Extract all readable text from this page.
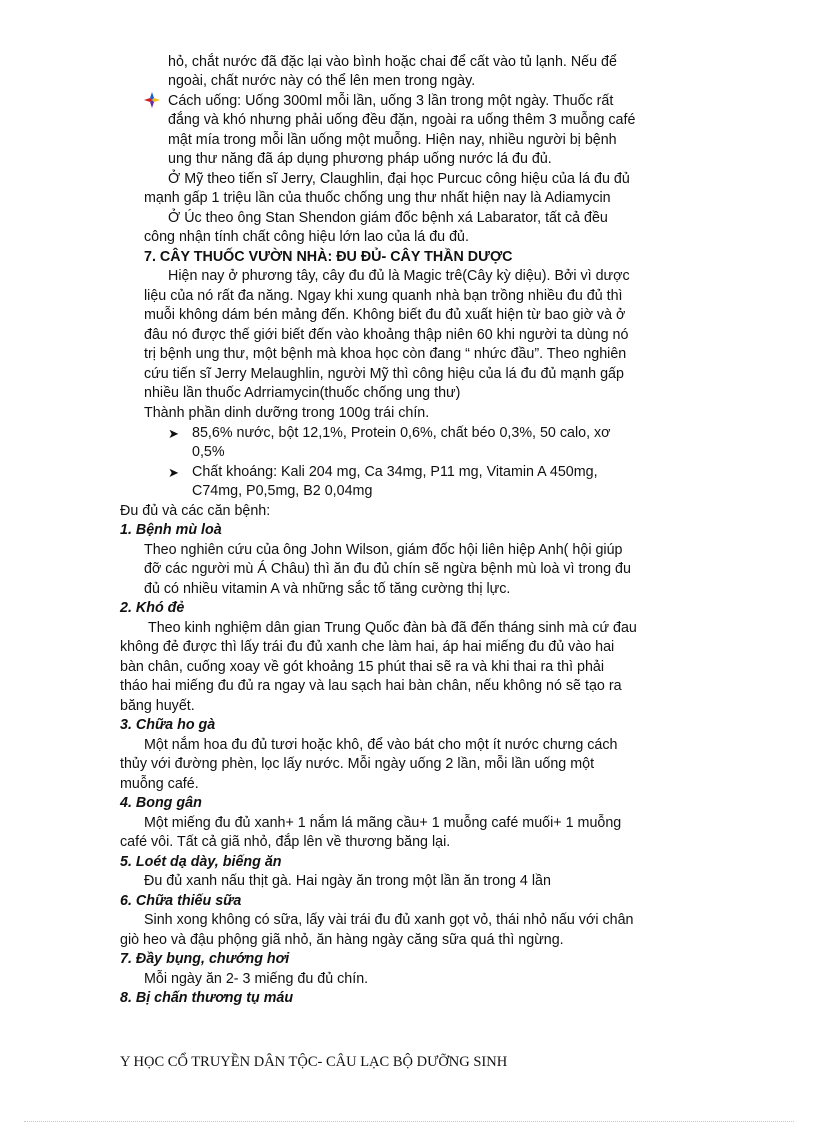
hỏ, chắt nước đã đặc lại vào bình hoặc chai để cất vào tủ lạnh. Nếu để
ngoài, chất nước này có thể lên men trong ngày.
Cách uống: Uống 300ml mỗi lần, uống 3 lần trong một ngày. Thuốc rất
đắng và khó nhưng phải uống đều đặn, ngoài ra uống thêm 3 muỗng café
mật mía trong mỗi lần uống một muỗng. Hiện nay, nhiều người bị bệnh
ung thư năng đã áp dụng phương pháp uống nước lá đu đủ.
Ở Mỹ theo tiến sĩ Jerry, Claughlin, đại học Purcuc công hiệu của lá đu đủ
mạnh gấp 1 triệu lần của thuốc chống ung thư nhất hiện nay là Adiamycin
Ở Úc theo ông Stan Shendon giám đốc bệnh xá Labarator, tất cả đều
công nhận tính chất công hiệu lớn lao của lá đu đủ.
7. CÂY THUỐC VƯỜN NHÀ: ĐU ĐỦ- CÂY THẦN DƯỢC
Hiện nay ở phương tây, cây đu đủ là Magic trê(Cây kỳ diệu). Bởi vì dược
liệu của nó rất đa năng. Ngay khi xung quanh nhà bạn trồng nhiều đu đủ thì
muỗi không dám bén mảng đến. Không biết đu đủ xuất hiện từ bao giờ và ở
đâu nó được thế giới biết đến vào khoảng thập niên 60 khi người ta dùng nó
trị bệnh ung thư, một bệnh mà khoa học còn đang “ nhức đầu”. Theo nghiên
cứu tiến sĩ Jerry Melaughlin, người Mỹ thì công hiệu của lá đu đủ mạnh gấp
nhiều lần thuốc Adrriamycin(thuốc chống ung thư)
Thành phần dinh dưỡng trong 100g trái chín.
➤ 85,6% nước, bột 12,1%, Protein 0,6%, chất béo 0,3%, 50 calo, xơ
0,5%
➤ Chất khoáng: Kali 204 mg, Ca 34mg, P11 mg, Vitamin A 450mg,
C74mg, P0,5mg, B2 0,04mg
Đu đủ và các căn bệnh:
1. Bệnh mù loà
Theo nghiên cứu của ông John Wilson, giám đốc hội liên hiệp Anh( hội giúp
đỡ các người mù Á Châu) thì ăn đu đủ chín sẽ ngừa bệnh mù loà vì trong đu
đủ có nhiều vitamin A và những sắc tố tăng cường thị lực.
2. Khó đẻ
Theo kinh nghiệm dân gian Trung Quốc đàn bà đã đến tháng sinh mà cứ đau
không đẻ được thì lấy trái đu đủ xanh che làm hai, áp hai miếng đu đủ vào hai
bàn chân, cuống xoay về gót khoảng 15 phút thai sẽ ra và khi thai ra thì phải
tháo hai miếng đu đủ ra ngay và lau sạch hai bàn chân, nếu không nó sẽ tạo ra
băng huyết.
3. Chữa ho gà
Một nắm hoa đu đủ tươi hoặc khô, để vào bát cho một ít nước chưng cách
thủy với đường phèn, lọc lấy nước. Mỗi ngày uống 2 lần, mỗi lần uống một
muỗng café.
4. Bong gân
Một miếng đu đủ xanh+ 1 nắm lá mãng cầu+ 1 muỗng café muối+ 1 muỗng
café vôi. Tất cả giã nhỏ, đắp lên về thương băng lại.
5. Loét dạ dày, biếng ăn
Đu đủ xanh nấu thịt gà. Hai ngày ăn trong một lần ăn trong 4 lần
6. Chữa thiếu sữa
Sinh xong không có sữa, lấy vài trái đu đủ xanh gọt vỏ, thái nhỏ nấu với chân
giò heo và đậu phộng giã nhỏ, ăn hàng ngày căng sữa quá thì ngừng.
7. Đầy bụng, chướng hơi
Mỗi ngày ăn 2- 3 miếng đu đủ chín.
8. Bị chấn thương tụ máu
Y HỌC CỔ TRUYỀN DÂN TỘC- CÂU LẠC BỘ DƯỠNG SINH
